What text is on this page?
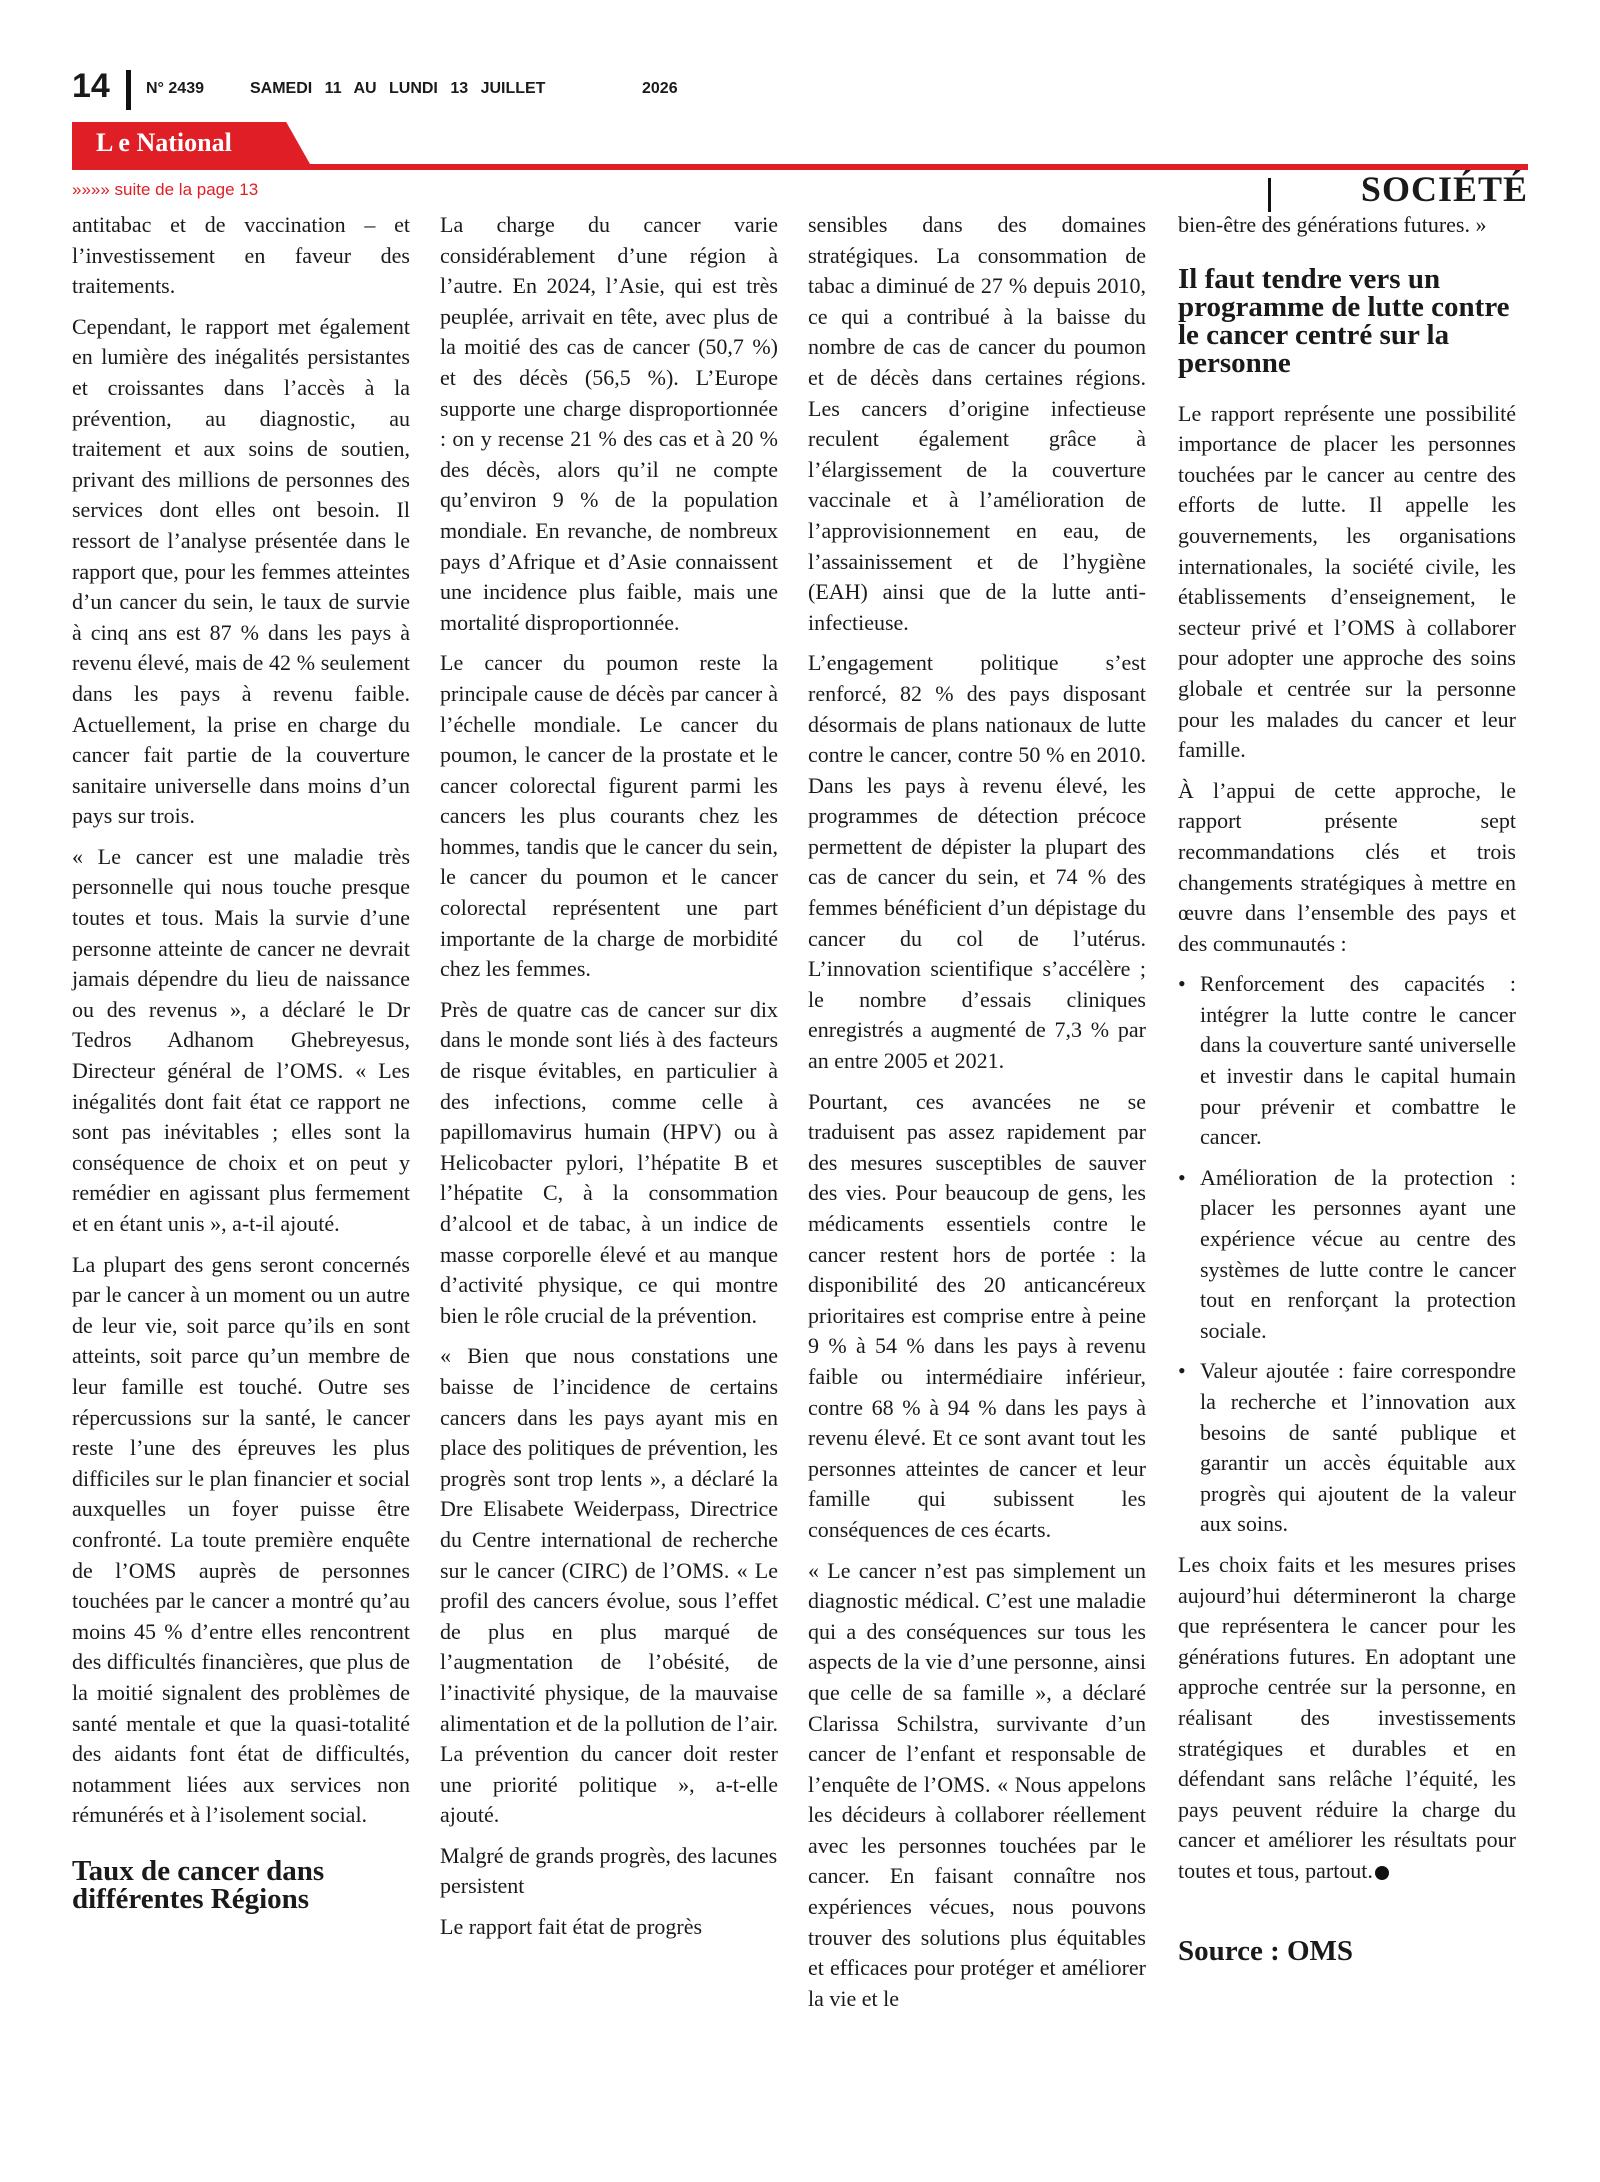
14 N° 2439	SAMEDI 11 AU LUNDI 13 JUILLET	2026
L e National
SOCIÉTÉ
»»»» suite de la page 13

antitabac et de vaccination – et l’investissement en faveur des traitements.

Cependant, le rapport met également en lumière des inégalités persistantes et croissantes dans l’accès à la prévention, au diagnostic, au traitement et aux soins de soutien, privant des millions de personnes des services dont elles ont besoin. Il ressort de l’analyse présentée dans le rapport que, pour les femmes atteintes d’un cancer du sein, le taux de survie à cinq ans est 87 % dans les pays à revenu élevé, mais de 42 % seulement dans les pays à revenu faible. Actuellement, la prise en charge du cancer fait partie de la couverture sanitaire universelle dans moins d’un pays sur trois.

« Le cancer est une maladie très personnelle qui nous touche presque toutes et tous. Mais la survie d’une personne atteinte de cancer ne devrait jamais dépendre du lieu de naissance ou des revenus », a déclaré le Dr Tedros Adhanom Ghebreyesus, Directeur général de l’OMS. « Les inégalités dont fait état ce rapport ne sont pas inévitables ; elles sont la conséquence de choix et on peut y remédier en agissant plus fermement et en étant unis », a-t-il ajouté.

La plupart des gens seront concernés par le cancer à un moment ou un autre de leur vie, soit parce qu’ils en sont atteints, soit parce qu’un membre de leur famille est touché. Outre ses répercussions sur la santé, le cancer reste l’une des épreuves les plus difficiles sur le plan financier et social auxquelles un foyer puisse être confronté. La toute première enquête de l’OMS auprès de personnes touchées par le cancer a montré qu’au moins 45 % d’entre elles rencontrent des difficultés financières, que plus de la moitié signalent des problèmes de santé mentale et que la quasi-totalité des aidants font état de difficultés, notamment liées aux services non rémunérés et à l’isolement social.

Taux de cancer dans différentes Régions

La charge du cancer varie considérablement d’une région à l’autre. En 2024, l’Asie, qui est très peuplée, arrivait en tête, avec plus de la moitié des cas de cancer (50,7 %) et des décès (56,5 %). L’Europe supporte une charge disproportionnée : on y recense 21 % des cas et à 20 % des décès, alors qu’il ne compte qu’environ 9 % de la population mondiale. En revanche, de nombreux pays d’Afrique et d’Asie connaissent une incidence plus faible, mais une mortalité disproportionnée.

Le cancer du poumon reste la principale cause de décès par cancer à l’échelle mondiale. Le cancer du poumon, le cancer de la prostate et le cancer colorectal figurent parmi les cancers les plus courants chez les hommes, tandis que le cancer du sein, le cancer du poumon et le cancer colorectal représentent une part importante de la charge de morbidité chez les femmes.

Près de quatre cas de cancer sur dix dans le monde sont liés à des facteurs de risque évitables, en particulier à des infections, comme celle à papillomavirus humain (HPV) ou à Helicobacter pylori, l’hépatite B et l’hépatite C, à la consommation d’alcool et de tabac, à un indice de masse corporelle élevé et au manque d’activité physique, ce qui montre bien le rôle crucial de la prévention.

« Bien que nous constations une baisse de l’incidence de certains cancers dans les pays ayant mis en place des politiques de prévention, les progrès sont trop lents », a déclaré la Dre Elisabete Weiderpass, Directrice du Centre international de recherche sur le cancer (CIRC) de l’OMS. « Le profil des cancers évolue, sous l’effet de plus en plus marqué de l’augmentation de l’obésité, de l’inactivité physique, de la mauvaise alimentation et de la pollution de l’air. La prévention du cancer doit rester une priorité politique », a-t-elle ajouté.

Malgré de grands progrès, des lacunes persistent

Le rapport fait état de progrès

sensibles dans des domaines stratégiques. La consommation de tabac a diminué de 27 % depuis 2010, ce qui a contribué à la baisse du nombre de cas de cancer du poumon et de décès dans certaines régions. Les cancers d’origine infectieuse reculent également grâce à l’élargissement de la couverture vaccinale et à l’amélioration de l’approvisionnement en eau, de l’assainissement et de l’hygiène (EAH) ainsi que de la lutte anti-infectieuse.

L’engagement politique s’est renforcé, 82 % des pays disposant désormais de plans nationaux de lutte contre le cancer, contre 50 % en 2010. Dans les pays à revenu élevé, les programmes de détection précoce permettent de dépister la plupart des cas de cancer du sein, et 74 % des femmes bénéficient d’un dépistage du cancer du col de l’utérus. L’innovation scientifique s’accélère ; le nombre d’essais cliniques enregistrés a augmenté de 7,3 % par an entre 2005 et 2021.

Pourtant, ces avancées ne se traduisent pas assez rapidement par des mesures susceptibles de sauver des vies. Pour beaucoup de gens, les médicaments essentiels contre le cancer restent hors de portée : la disponibilité des 20 anticancéreux prioritaires est comprise entre à peine 9 % à 54 % dans les pays à revenu faible ou intermédiaire inférieur, contre 68 % à 94 % dans les pays à revenu élevé. Et ce sont avant tout les personnes atteintes de cancer et leur famille qui subissent les conséquences de ces écarts.

« Le cancer n’est pas simplement un diagnostic médical. C’est une maladie qui a des conséquences sur tous les aspects de la vie d’une personne, ainsi que celle de sa famille », a déclaré Clarissa Schilstra, survivante d’un cancer de l’enfant et responsable de l’enquête de l’OMS. « Nous appelons les décideurs à collaborer réellement avec les personnes touchées par le cancer. En faisant connaître nos expériences vécues, nous pouvons trouver des solutions plus équitables et efficaces pour protéger et améliorer la vie et le

bien-être des générations futures. »

Il faut tendre vers un programme de lutte contre le cancer centré sur la personne

Le rapport représente une possibilité importance de placer les personnes touchées par le cancer au centre des efforts de lutte. Il appelle les gouvernements, les organisations internationales, la société civile, les établissements d’enseignement, le secteur privé et l’OMS à collaborer pour adopter une approche des soins globale et centrée sur la personne pour les malades du cancer et leur famille.

À l’appui de cette approche, le rapport présente sept recommandations clés et trois changements stratégiques à mettre en œuvre dans l’ensemble des pays et des communautés :

• Renforcement des capacités : intégrer la lutte contre le cancer dans la couverture santé universelle et investir dans le capital humain pour prévenir et combattre le cancer.

• Amélioration de la protection : placer les personnes ayant une expérience vécue au centre des systèmes de lutte contre le cancer tout en renforçant la protection sociale.

• Valeur ajoutée : faire correspondre la recherche et l’innovation aux besoins de santé publique et garantir un accès équitable aux progrès qui ajoutent de la valeur aux soins.

Les choix faits et les mesures prises aujourd’hui détermineront la charge que représentera le cancer pour les générations futures. En adoptant une approche centrée sur la personne, en réalisant des investissements stratégiques et durables et en défendant sans relâche l’équité, les pays peuvent réduire la charge du cancer et améliorer les résultats pour toutes et tous, partout.

Source : OMS
